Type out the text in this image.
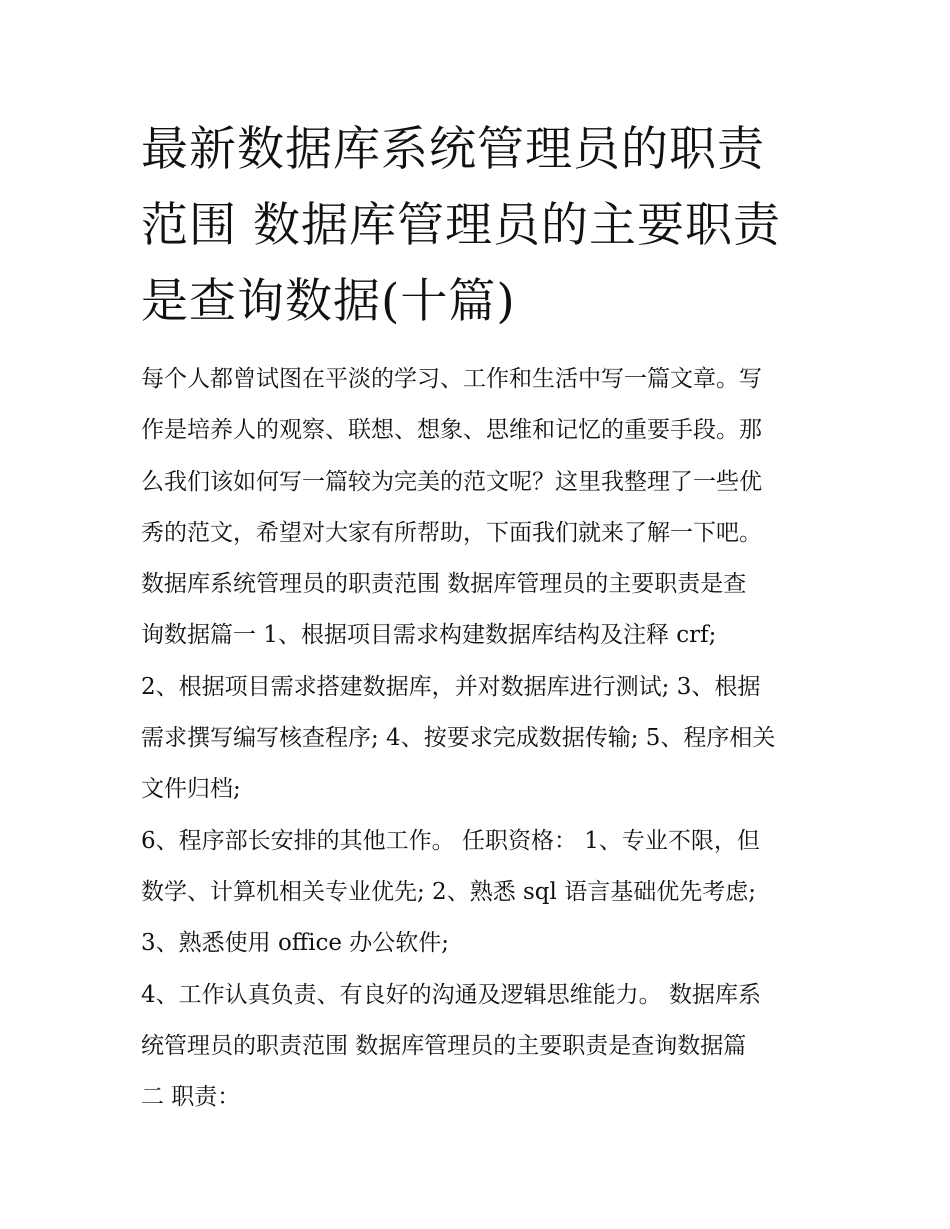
最新数据库系统管理员的职责
范围 数据库管理员的主要职责
是查询数据(十篇)
每个人都曾试图在平淡的学习、工作和生活中写一篇文章。写
作是培养人的观察、联想、想象、思维和记忆的重要手段。那
么我们该如何写一篇较为完美的范文呢？这里我整理了一些优
秀的范文，希望对大家有所帮助，下面我们就来了解一下吧。
数据库系统管理员的职责范围 数据库管理员的主要职责是查
询数据篇一 1、根据项目需求构建数据库结构及注释 crf;
2、根据项目需求搭建数据库，并对数据库进行测试; 3、根据
需求撰写编写核查程序; 4、按要求完成数据传输; 5、程序相关
文件归档;
6、程序部长安排的其他工作。 任职资格： 1、专业不限，但
数学、计算机相关专业优先; 2、熟悉 sql 语言基础优先考虑;
3、熟悉使用 office 办公软件;
4、工作认真负责、有良好的沟通及逻辑思维能力。 数据库系
统管理员的职责范围 数据库管理员的主要职责是查询数据篇
二 职责：
